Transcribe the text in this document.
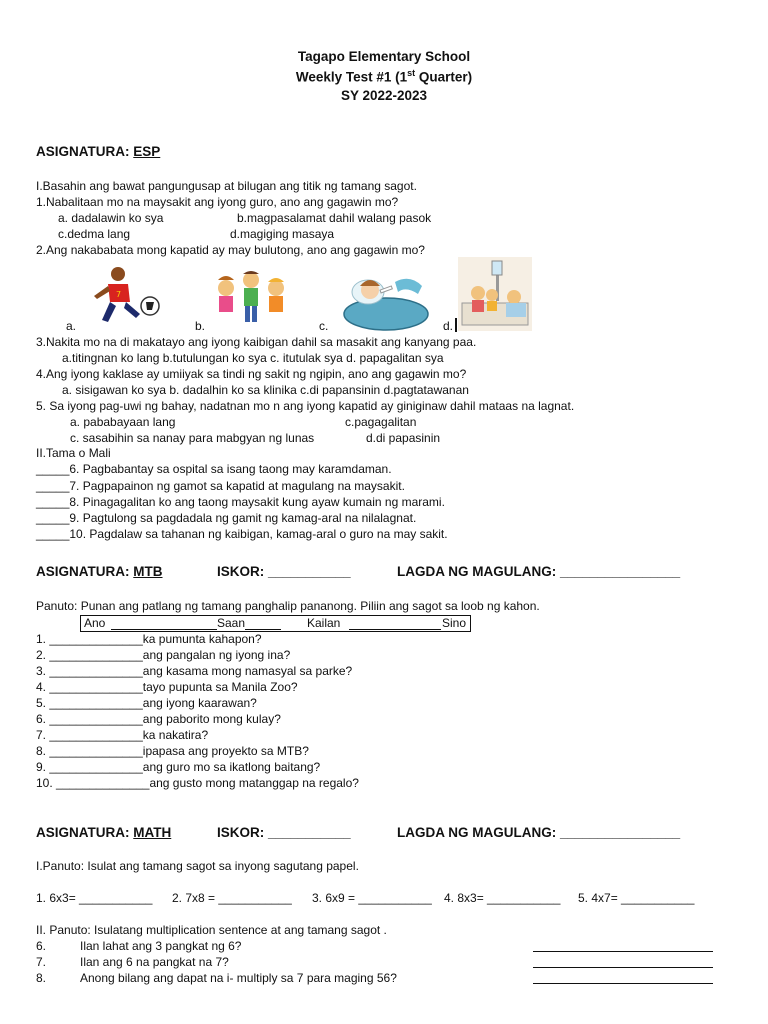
Tagapo Elementary School
Weekly Test #1 (1st Quarter)
SY 2022-2023
ASIGNATURA: ESP
I.Basahin ang bawat pangungusap at bilugan ang titik ng tamang sagot.
1.Nabalitaan mo na maysakit ang iyong guro, ano ang gagawin mo?
a. dadalawin ko sya	b.magpasalamat dahil walang pasok
c.dedma lang	d.magiging masaya
2.Ang nakababata mong kapatid ay may bulutong, ano ang gagawin mo?
a.
7
b.	c.	d.
3.Nakita mo na di makatayo ang iyong kaibigan dahil sa masakit ang kanyang paa.
a.titingnan ko lang b.tutulungan ko sya c. itutulak sya d. papagalitan sya
4.Ang iyong kaklase ay umiiyak sa tindi ng sakit ng ngipin, ano ang gagawin mo?
a. sisigawan ko sya b. dadalhin ko sa klinika c.di papansinin d.pagtatawanan
5. Sa iyong pag-uwi ng bahay, nadatnan mo n ang iyong kapatid ay giniginaw dahil mataas na lagnat.
a. pababayaan lang	c.pagagalitan
c. sasabihin sa nanay para mabgyan ng lunas	d.di papasinin
II.Tama o Mali
_____6. Pagbabantay sa ospital sa isang taong may karamdaman.
_____7. Pagpapainon ng gamot sa kapatid at magulang na maysakit.
_____8. Pinagagalitan ko ang taong maysakit kung ayaw kumain ng marami.
_____9. Pagtulong sa pagdadala ng gamit ng kamag-aral na nilalagnat.
_____10. Pagdalaw sa tahanan ng kaibigan, kamag-aral o guro na may sakit.
ASIGNATURA: MTB	ISKOR: ___________	LAGDA NG MAGULANG: ________________
Panuto: Punan ang patlang ng tamang panghalip pananong. Piliin ang sagot sa loob ng kahon.
Ano	Saan	Kailan	Sino
1. ______________ka pumunta kahapon?
2. ______________ang pangalan ng iyong ina?
3. ______________ang kasama mong namasyal sa parke?
4. ______________tayo pupunta sa Manila Zoo?
5. ______________ang iyong kaarawan?
6. ______________ang paborito mong kulay?
7. ______________ka nakatira?
8. ______________ipapasa ang proyekto sa MTB?
9. ______________ang guro mo sa ikatlong baitang?
10. ______________ang gusto mong matanggap na regalo?
ASIGNATURA: MATH	ISKOR: ___________	LAGDA NG MAGULANG: ________________
I.Panuto: Isulat ang tamang sagot sa inyong sagutang papel.
1. 6x3= ___________ 2. 7x8 = ___________ 3. 6x9 = ___________ 4. 8x3= ___________ 5. 4x7= ___________
II. Panuto: Isulatang multiplication sentence at ang tamang sagot .
6.	Ilan lahat ang 3 pangkat ng 6?
7.	Ilan ang 6 na pangkat na 7?
8.	Anong bilang ang dapat na i- multiply sa 7 para maging 56?
